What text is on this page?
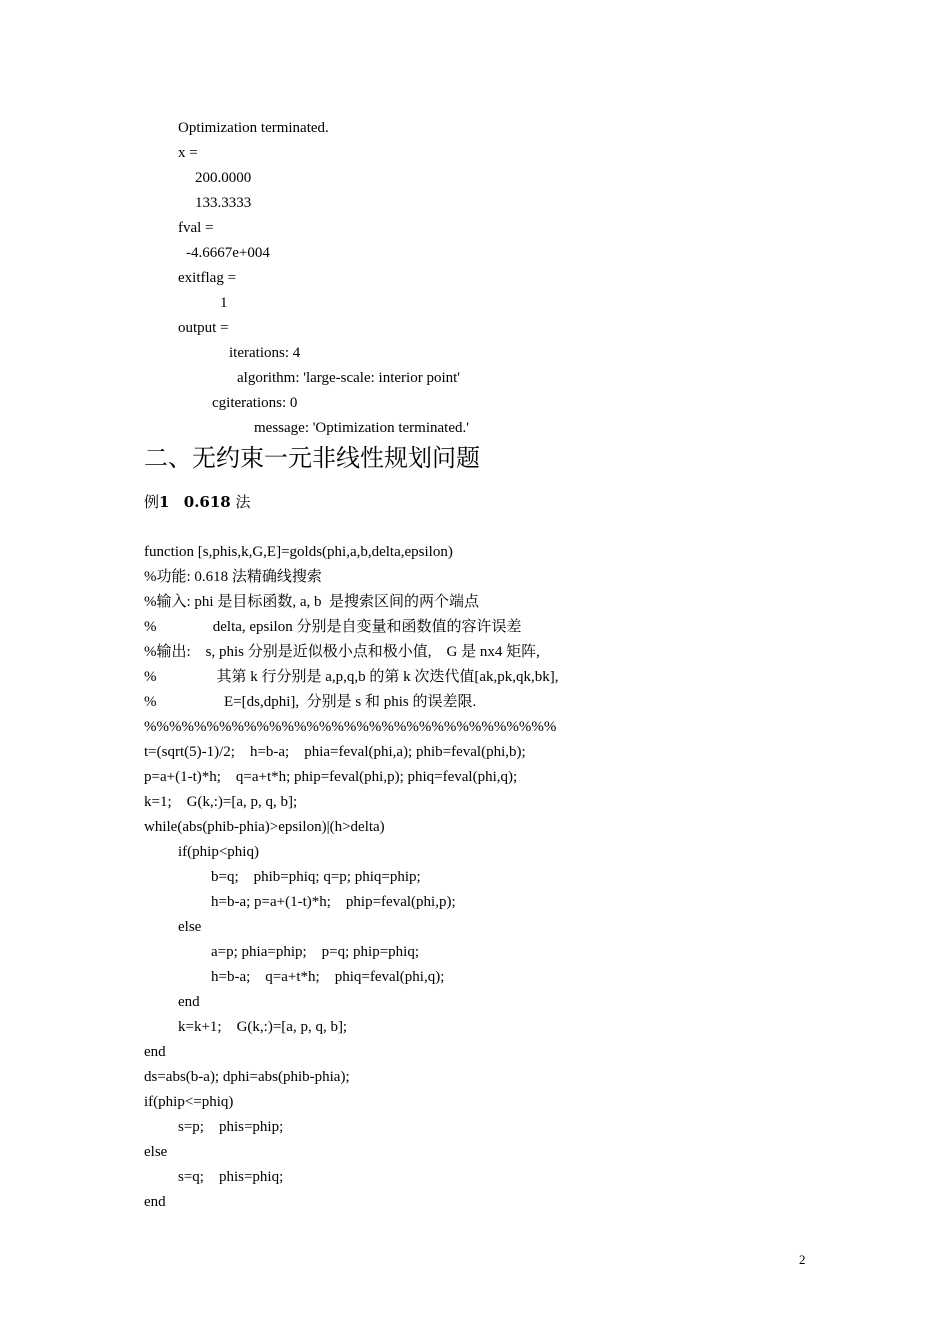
Optimization terminated.
x =
200.0000
133.3333
fval =
-4.6667e+004
exitflag =
1
output =
iterations: 4
algorithm: 'large-scale: interior point'
cgiterations: 0
message: 'Optimization terminated.'
二、无约束一元非线性规划问题
例1 0.618 法
function [s,phis,k,G,E]=golds(phi,a,b,delta,epsilon)
%功能: 0.618 法精确线搜索
%输入: phi 是目标函数, a, b  是搜索区间的两个端点
%               delta, epsilon 分别是自变量和函数值的容许误差
%输出:    s, phis 分别是近似极小点和极小值,    G 是 nx4 矩阵,
%                其第 k 行分别是 a,p,q,b 的第 k 次迭代值[ak,pk,qk,bk],
%                  E=[ds,dphi],  分别是 s 和 phis 的误差限.
%%%%%%%%%%%%%%%%%%%%%%%%%%%%%%%%%
t=(sqrt(5)-1)/2;    h=b-a;    phia=feval(phi,a); phib=feval(phi,b);
p=a+(1-t)*h;    q=a+t*h; phip=feval(phi,p); phiq=feval(phi,q);
k=1;    G(k,:)=[a, p, q, b];
while(abs(phib-phia)>epsilon)|(h>delta)
if(phip<phiq)
b=q;    phib=phiq; q=p; phiq=phip;
h=b-a; p=a+(1-t)*h;    phip=feval(phi,p);
else
a=p; phia=phip;    p=q; phip=phiq;
h=b-a;    q=a+t*h;    phiq=feval(phi,q);
end
k=k+1;    G(k,:)=[a, p, q, b];
end
ds=abs(b-a); dphi=abs(phib-phia);
if(phip<=phiq)
s=p;    phis=phip;
else
s=q;    phis=phiq;
end
2
